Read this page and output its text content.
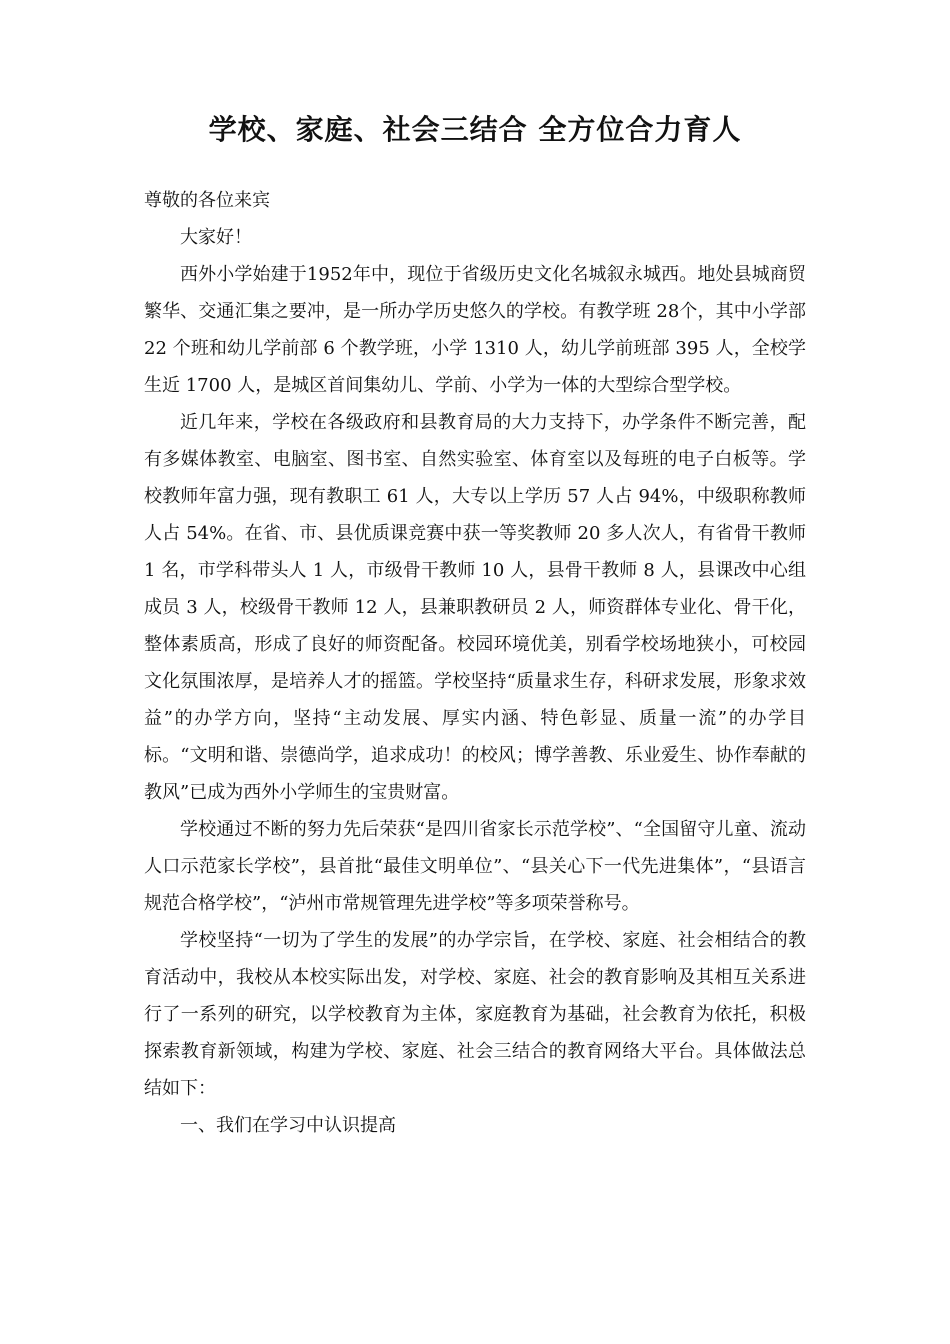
学校、家庭、社会三结合 全方位合力育人

尊敬的各位来宾

大家好！

西外小学始建于1952年中，现位于省级历史文化名城叙永城西。地处县城商贸繁华、交通汇集之要冲，是一所办学历史悠久的学校。有教学班 28个，其中小学部 22 个班和幼儿学前部 6 个教学班，小学 1310 人，幼儿学前班部 395 人，全校学生近 1700 人，是城区首间集幼儿、学前、小学为一体的大型综合型学校。

近几年来，学校在各级政府和县教育局的大力支持下，办学条件不断完善，配有多媒体教室、电脑室、图书室、自然实验室、体育室以及每班的电子白板等。学校教师年富力强，现有教职工 61 人，大专以上学历 57 人占 94%，中级职称教师人占 54%。在省、市、县优质课竞赛中获一等奖教师 20 多人次人，有省骨干教师 1 名，市学科带头人 1 人，市级骨干教师 10 人，县骨干教师 8 人，县课改中心组成员 3 人，校级骨干教师 12 人，县兼职教研员 2 人，师资群体专业化、骨干化，整体素质高，形成了良好的师资配备。校园环境优美，别看学校场地狭小，可校园文化氛围浓厚，是培养人才的摇篮。学校坚持“质量求生存，科研求发展，形象求效益”的办学方向，坚持“主动发展、厚实内涵、特色彰显、质量一流”的办学目标。“文明和谐、崇德尚学，追求成功！的校风；博学善教、乐业爱生、协作奉献的教风”已成为西外小学师生的宝贵财富。

学校通过不断的努力先后荣获“是四川省家长示范学校”、“全国留守儿童、流动人口示范家长学校”，县首批“最佳文明单位”、“县关心下一代先进集体”，“县语言规范合格学校”，“泸州市常规管理先进学校”等多项荣誉称号。

学校坚持“一切为了学生的发展”的办学宗旨，在学校、家庭、社会相结合的教育活动中，我校从本校实际出发，对学校、家庭、社会的教育影响及其相互关系进行了一系列的研究，以学校教育为主体，家庭教育为基础，社会教育为依托，积极探索教育新领域，构建为学校、家庭、社会三结合的教育网络大平台。具体做法总结如下：

一、我们在学习中认识提高
